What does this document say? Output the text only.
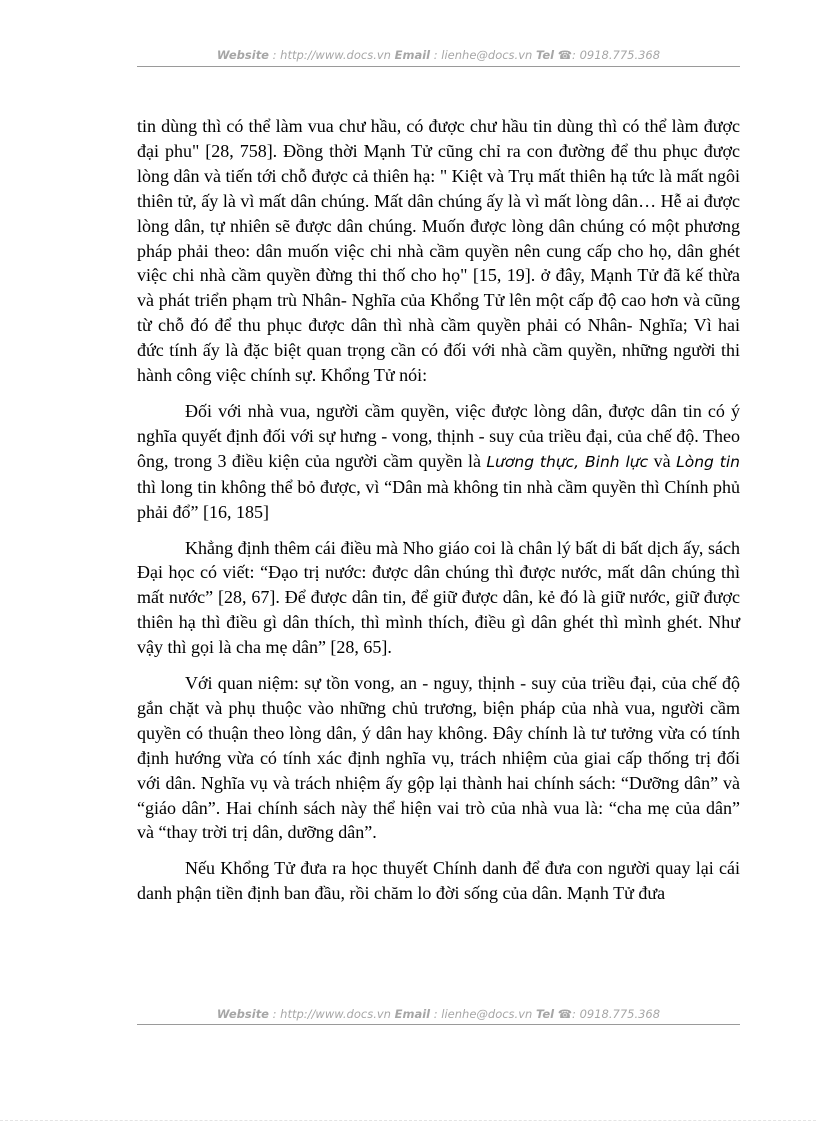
Website : http://www.docs.vn Email : lienhe@docs.vn Tel ☎: 0918.775.368

tin dùng thì có thể làm vua chư hầu, có được chư hầu tin dùng thì có thể làm được đại phu" [28, 758]. Đồng thời Mạnh Tử cũng chỉ ra con đường để thu phục được lòng dân và tiến tới chỗ được cả thiên hạ: " Kiệt và Trụ mất thiên hạ tức là mất ngôi thiên tử, ấy là vì mất dân chúng. Mất dân chúng ấy là vì mất lòng dân… Hễ ai được lòng dân, tự nhiên sẽ được dân chúng. Muốn được lòng dân chúng có một phương pháp phải theo: dân muốn việc chi nhà cầm quyền nên cung cấp cho họ, dân ghét việc chi nhà cầm quyền đừng thi thố cho họ" [15, 19]. ở đây, Mạnh Tử đã kế thừa và phát triển phạm trù Nhân- Nghĩa của Khổng Tử lên một cấp độ cao hơn và cũng từ chỗ đó để thu phục được dân thì nhà cầm quyền phải có Nhân- Nghĩa; Vì hai đức tính ấy là đặc biệt quan trọng cần có đối với nhà cầm quyền, những người thi hành công việc chính sự. Khổng Tử nói:

Đối với nhà vua, người cầm quyền, việc được lòng dân, được dân tin có ý nghĩa quyết định đối với sự hưng - vong, thịnh - suy của triều đại, của chế độ. Theo ông, trong 3 điều kiện của người cầm quyền là Lương thực, Binh lực và Lòng tin thì long tin không thể bỏ được, vì “Dân mà không tin nhà cầm quyền thì Chính phủ phải đổ” [16, 185]

Khẳng định thêm cái điều mà Nho giáo coi là chân lý bất di bất dịch ấy, sách Đại học có viết: “Đạo trị nước: được dân chúng thì được nước, mất dân chúng thì mất nước” [28, 67]. Để được dân tin, để giữ được dân, kẻ đó là giữ nước, giữ được thiên hạ thì điều gì dân thích, thì mình thích, điều gì dân ghét thì mình ghét. Như vậy thì gọi là cha mẹ dân” [28, 65].

Với quan niệm: sự tồn vong, an - nguy, thịnh - suy của triều đại, của chế độ gắn chặt và phụ thuộc vào những chủ trương, biện pháp của nhà vua, người cầm quyền có thuận theo lòng dân, ý dân hay không. Đây chính là tư tưởng vừa có tính định hướng vừa có tính xác định nghĩa vụ, trách nhiệm của giai cấp thống trị đối với dân. Nghĩa vụ và trách nhiệm ấy gộp lại thành hai chính sách: “Dưỡng dân” và “giáo dân”. Hai chính sách này thể hiện vai trò của nhà vua là: “cha mẹ của dân” và “thay trời trị dân, dưỡng dân”.

Nếu Khổng Tử đưa ra học thuyết Chính danh để đưa con người quay lại cái danh phận tiền định ban đầu, rồi chăm lo đời sống của dân. Mạnh Tử đưa

Website : http://www.docs.vn Email : lienhe@docs.vn Tel ☎: 0918.775.368
